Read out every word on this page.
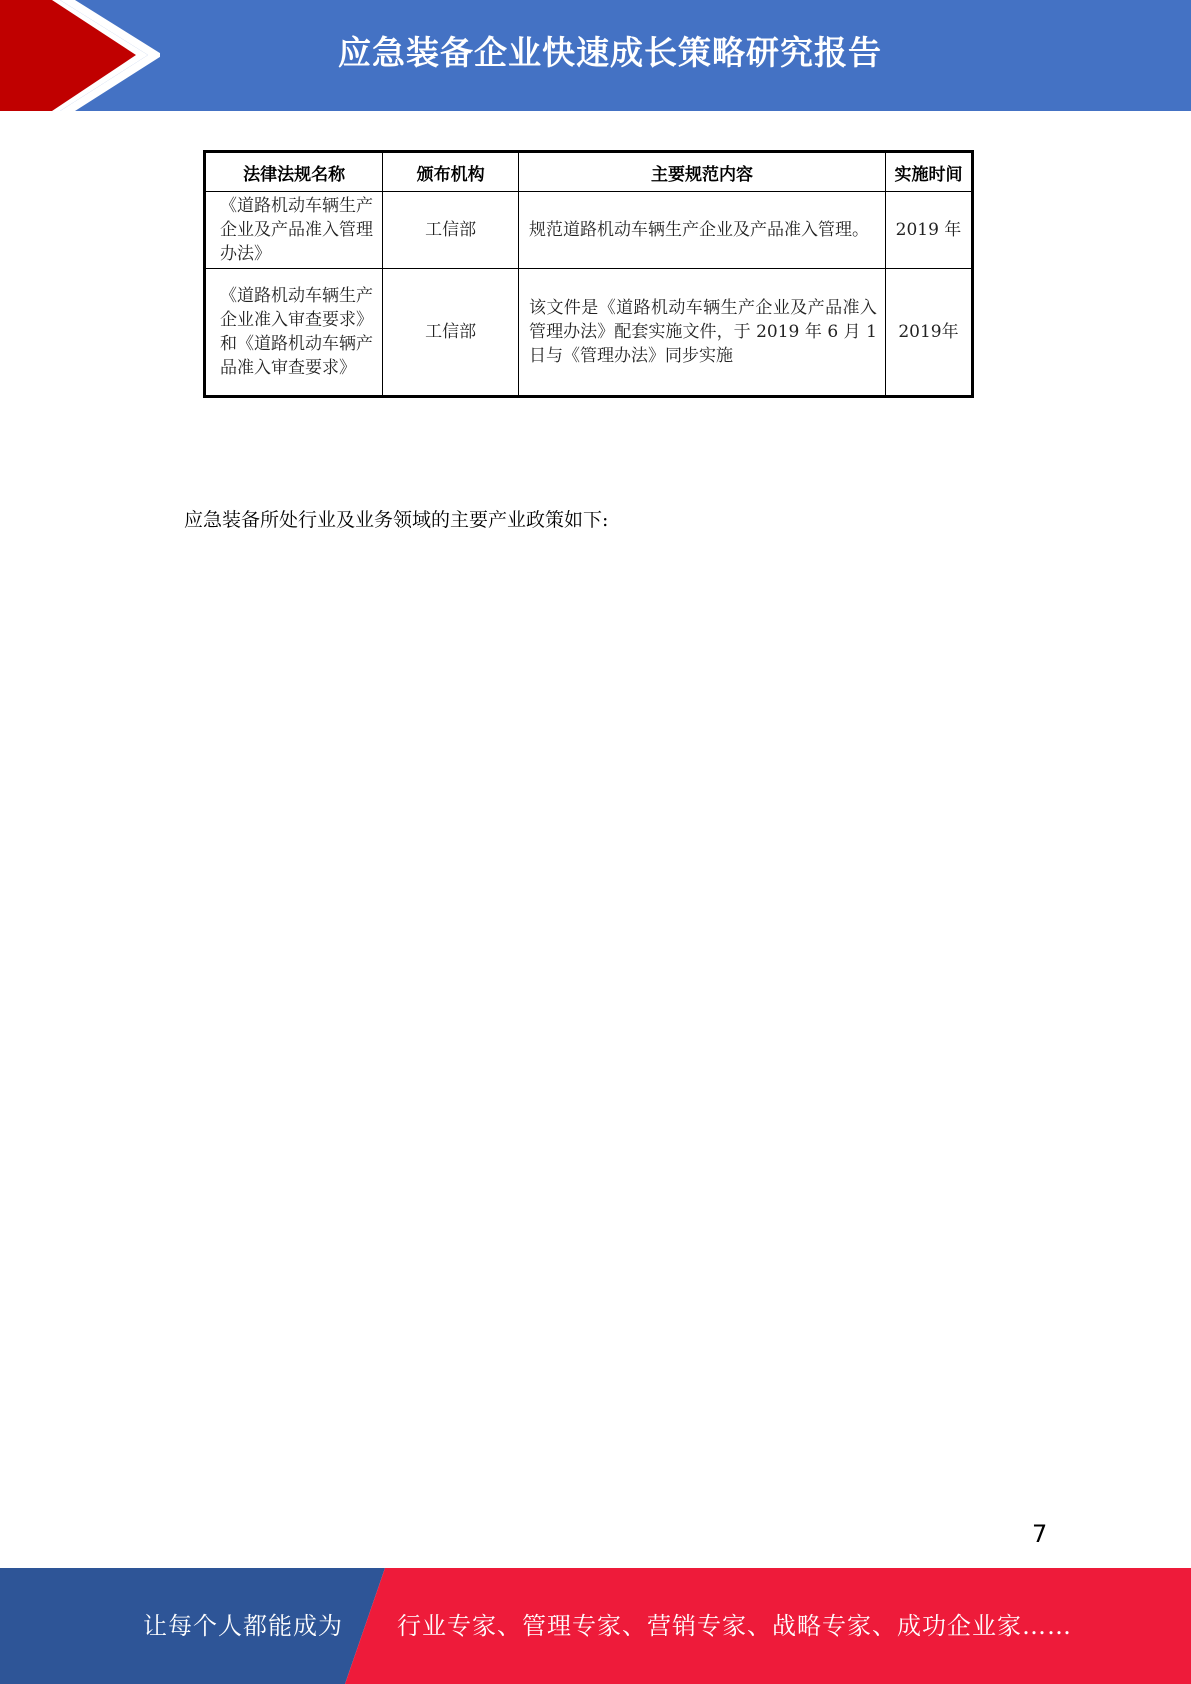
应急装备企业快速成长策略研究报告
法律法规名称	颁布机构	主要规范内容	实施时间
《道路机动车辆生产企业及产品准入管理办法》	工信部	规范道路机动车辆生产企业及产品准入管理。	2019 年
《道路机动车辆生产企业准入审查要求》和《道路机动车辆产品准入审查要求》	工信部	该文件是《道路机动车辆生产企业及产品准入管理办法》配套实施文件，于 2019 年 6 月 1 日与《管理办法》同步实施	2019年

应急装备所处行业及业务领域的主要产业政策如下:

7
让每个人都能成为 行业专家、管理专家、营销专家、战略专家、成功企业家……
